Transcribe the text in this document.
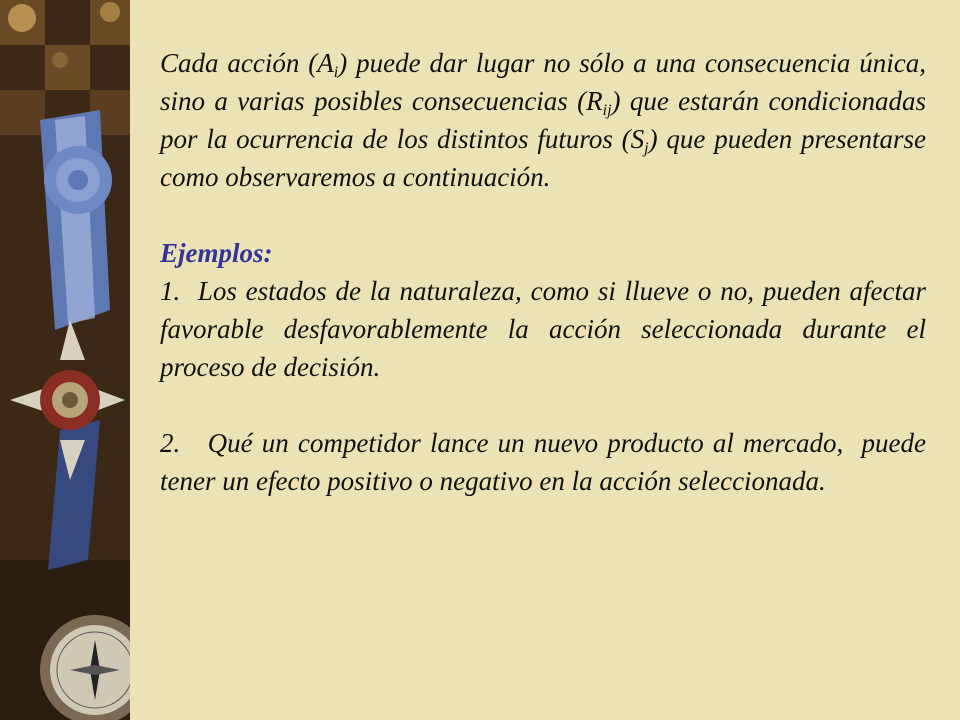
Cada acción $(A_i)$ puede dar lugar no sólo a una consecuencia única, sino a varias posibles consecuencias $(R_{ij})$ que estarán condicionadas por la ocurrencia de los distintos futuros $(S_j)$ que pueden presentarse como observaremos a continuación.

Ejemplos:

1.  Los estados de la naturaleza, como si llueve o no, pueden afectar favorable desfavorablemente la acción seleccionada durante el proceso de decisión.

2.   Qué un competidor lance un nuevo producto al mercado,  puede tener un efecto positivo o negativo en la acción seleccionada.
